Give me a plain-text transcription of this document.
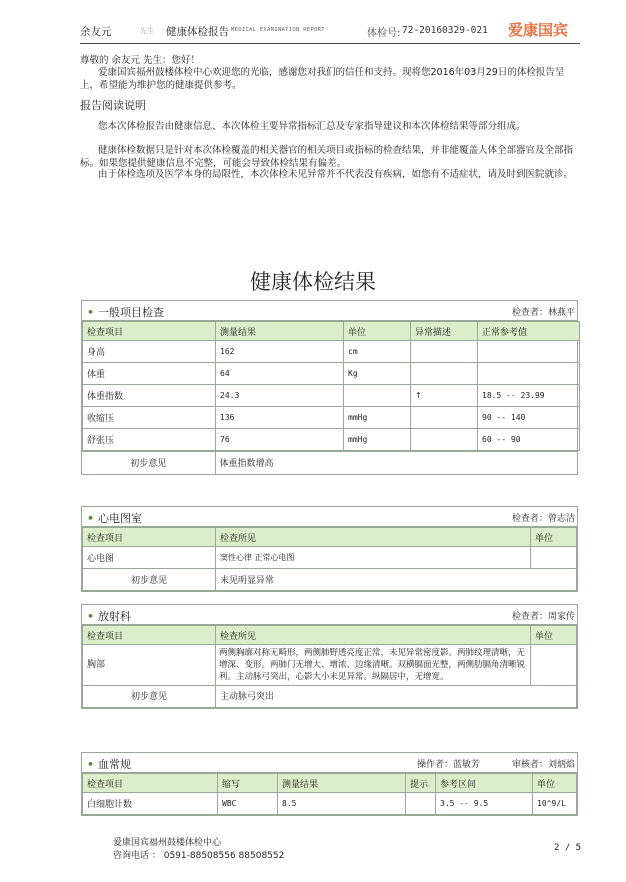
余友元	先生 健康体检报告 MEDICAL EXAMINATION REPORT	体检号: 72-20160329-021 爱康国宾
尊敬的 余友元 先生：您好！
爱康国宾福州鼓楼体检中心欢迎您的光临，感谢您对我们的信任和支持。现将您2016年03月29日的体检报告呈上，希望能为维护您的健康提供参考。
报告阅读说明
您本次体检报告由健康信息、本次体检主要异常指标汇总及专家指导建议和本次体检结果等部分组成。
健康体检数据只是针对本次体检覆盖的相关器官的相关项目或指标的检查结果，并非能覆盖人体全部器官及全部指标。如果您提供健康信息不完整，可能会导致体检结果有偏差。
由于体检选项及医学本身的局限性，本次体检未见异常并不代表没有疾病，如您有不适症状，请及时到医院就诊。
健康体检结果
• 一般项目检查	检查者：林燕平
检查项目	测量结果	单位	异常描述	正常参考值
身高	162	cm		
体重	64	Kg		
体重指数	24.3		↑	18.5 -- 23.99
收缩压	136	mmHg		90 -- 140
舒张压	76	mmHg		60 -- 90
初步意见	体重指数增高
• 心电图室	检查者：曾志洁
检查项目	检查所见	单位
心电图	窦性心律 正常心电图	
初步意见	未见明显异常	
• 放射科	检查者：周家传
检查项目	检查所见	单位
胸部	两侧胸廓对称无畸形，两侧肺野透亮度正常，未见异常密度影。两肺纹理清晰，无增深、变形。两肺门无增大、增浓、边缘清晰。双横膈面光整，两侧肋膈角清晰锐利。主动脉弓突出，心影大小未见异常。纵隔居中，无增宽。	
初步意见	主动脉弓突出	
• 血常规	操作者：蓝敏芳	审核者：刘炳焰
检查项目	缩写	测量结果	提示	参考区间	单位
白细胞计数	WBC	8.5		3.5 -- 9.5	10^9/L
爱康国宾福州鼓楼体检中心
咨询电话 ： 0591-88508556 88508552
2 / 5
